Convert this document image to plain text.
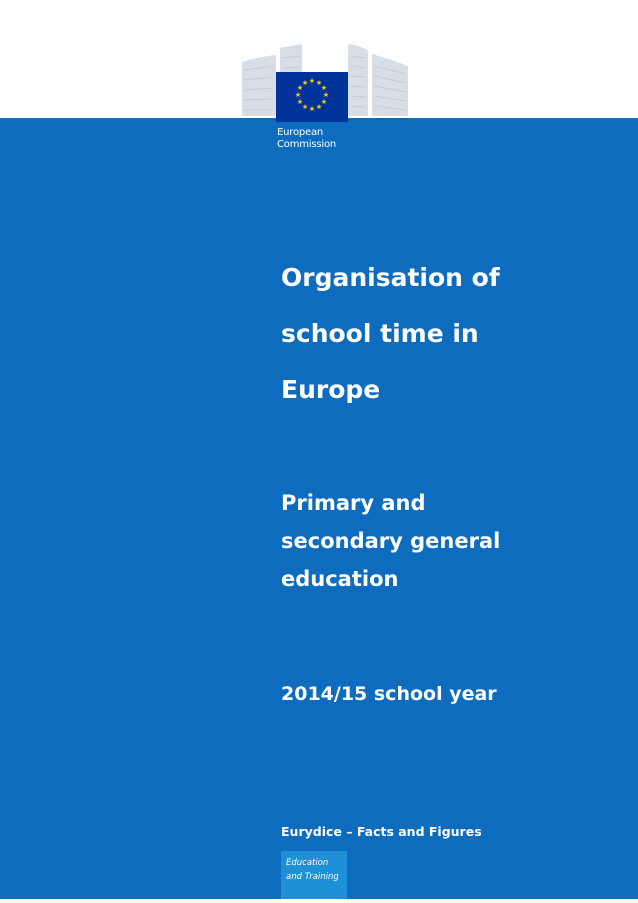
★ ★
★
★
★
★
★
★
★
★
★
★
European
Commission
Organisation of
school time in
Europe
Primary and
secondary general
education
2014/15 school year
Eurydice – Facts and Figures
Education
and Training
